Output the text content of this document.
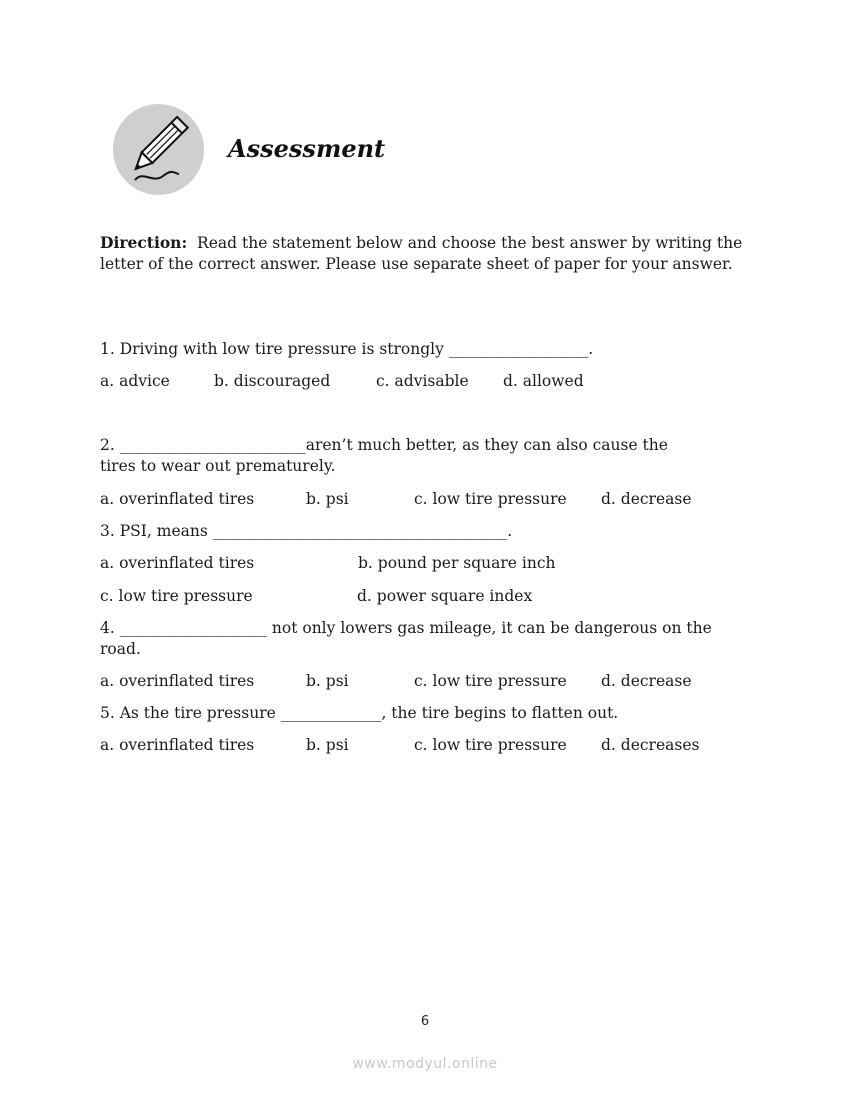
Assessment
Direction: Read the statement below and choose the best answer by writing the letter of the correct answer. Please use separate sheet of paper for your answer.
1. Driving with low tire pressure is strongly __________________.
a. advice	b. discouraged	c. advisable d. allowed
2. ________________________aren’t much better, as they can also cause the
tires to wear out prematurely.
a. overinflated tires	b. psi	c. low tire pressure d. decrease
3. PSI, means ______________________________________.
a. overinflated tires	b. pound per square inch
c. low tire pressure	d. power square index
4. ___________________ not only lowers gas mileage, it can be dangerous on the
road.
a. overinflated tires	b. psi	c. low tire pressure d. decrease
5. As the tire pressure _____________, the tire begins to flatten out.
a. overinflated tires	b. psi	c. low tire pressure d. decreases
6
www.modyul.online
